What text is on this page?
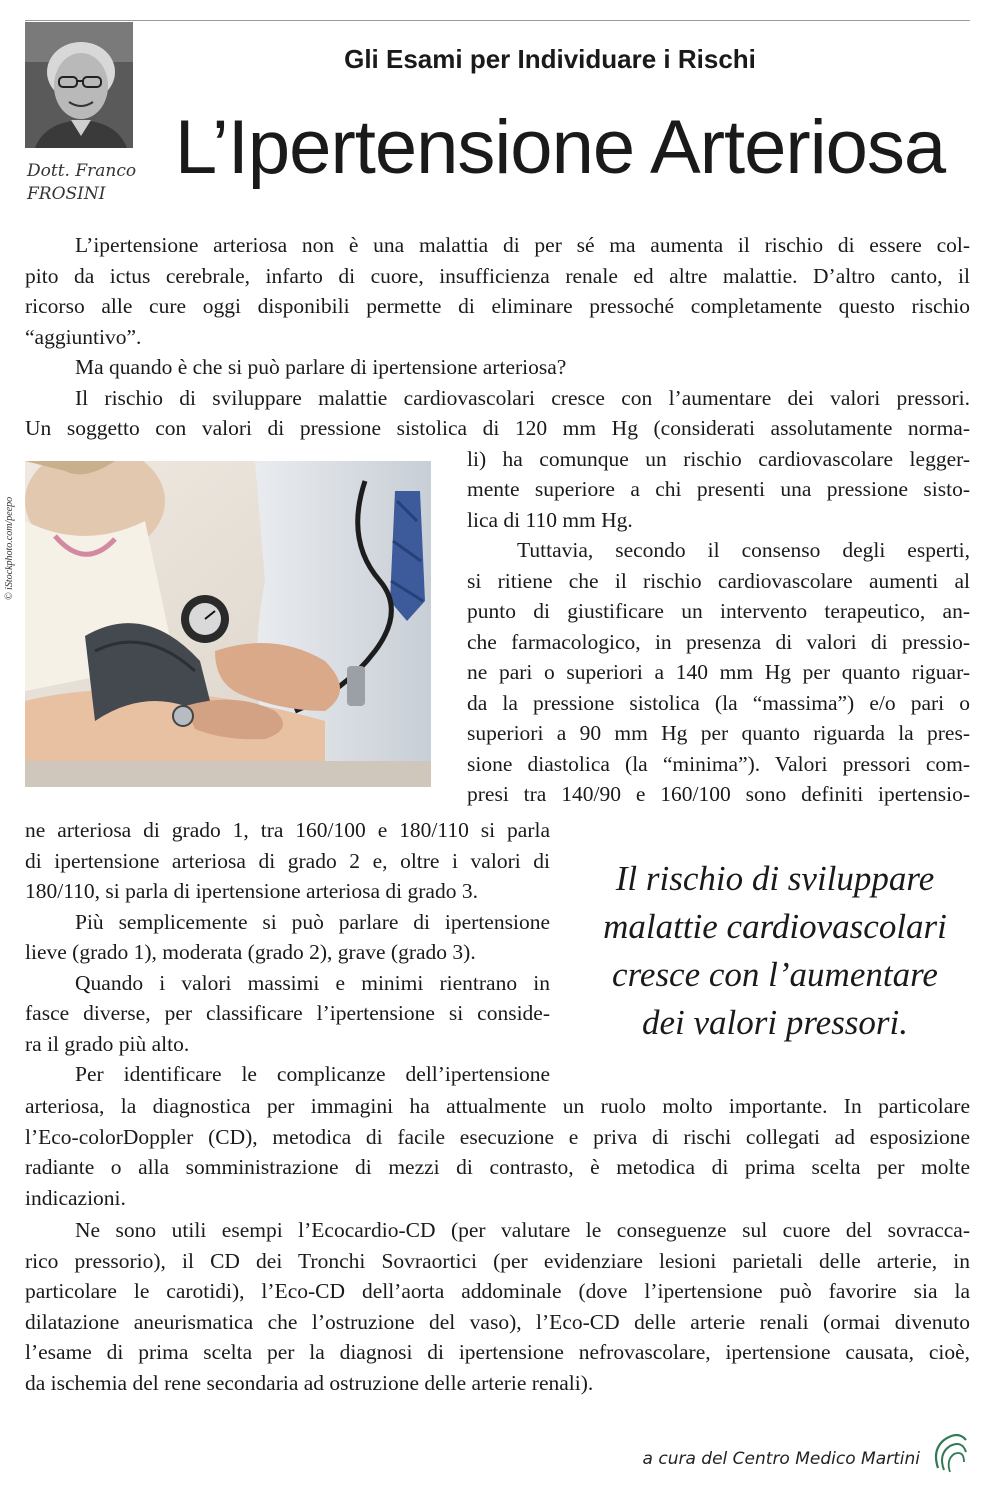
Dott. Franco
FROSINI
Gli Esami per Individuare i Rischi
L’Ipertensione Arteriosa
L’ipertensione arteriosa non è una malattia di per sé ma aumenta il rischio di essere col-
pito da ictus cerebrale, infarto di cuore, insufficienza renale ed altre malattie. D’altro canto, il
ricorso alle cure oggi disponibili permette di eliminare pressoché completamente questo rischio
“aggiuntivo”.
Ma quando è che si può parlare di ipertensione arteriosa?
Il rischio di sviluppare malattie cardiovascolari cresce con l’aumentare dei valori pressori.
Un soggetto con valori di pressione sistolica di 120 mm Hg (considerati assolutamente norma-
li) ha comunque un rischio cardiovascolare legger-
mente superiore a chi presenti una pressione sisto-
lica di 110 mm Hg.
Tuttavia, secondo il consenso degli esperti,
si ritiene che il rischio cardiovascolare aumenti al
punto di giustificare un intervento terapeutico, an-
che farmacologico, in presenza di valori di pressio-
ne pari o superiori a 140 mm Hg per quanto riguar-
da la pressione sistolica (la “massima”) e/o pari o
superiori a 90 mm Hg per quanto riguarda la pres-
sione diastolica (la “minima”). Valori pressori com-
presi tra 140/90 e 160/100 sono definiti ipertensio-
ne arteriosa di grado 1, tra 160/100 e 180/110 si parla
di ipertensione arteriosa di grado 2 e, oltre i valori di
180/110, si parla di ipertensione arteriosa di grado 3.
Più semplicemente si può parlare di ipertensione
lieve (grado 1), moderata (grado 2), grave (grado 3).
Quando i valori massimi e minimi rientrano in
fasce diverse, per classificare l’ipertensione si conside-
ra il grado più alto.
Per identificare le complicanze dell’ipertensione
arteriosa, la diagnostica per immagini ha attualmente un ruolo molto importante. In particolare
l’Eco-colorDoppler (CD), metodica di facile esecuzione e priva di rischi collegati ad esposizione
radiante o alla somministrazione di mezzi di contrasto, è metodica di prima scelta per molte
indicazioni.
Ne sono utili esempi l’Ecocardio-CD (per valutare le conseguenze sul cuore del sovracca-
rico pressorio), il CD dei Tronchi Sovraortici (per evidenziare lesioni parietali delle arterie, in
particolare le carotidi), l’Eco-CD dell’aorta addominale (dove l’ipertensione può favorire sia la
dilatazione aneurismatica che l’ostruzione del vaso), l’Eco-CD delle arterie renali (ormai divenuto
l’esame di prima scelta per la diagnosi di ipertensione nefrovascolare, ipertensione causata, cioè,
da ischemia del rene secondaria ad ostruzione delle arterie renali).
© iStockphoto.com/peepo
Il rischio di sviluppare
malattie cardiovascolari
cresce con l’aumentare
dei valori pressori.
a cura del Centro Medico Martini
